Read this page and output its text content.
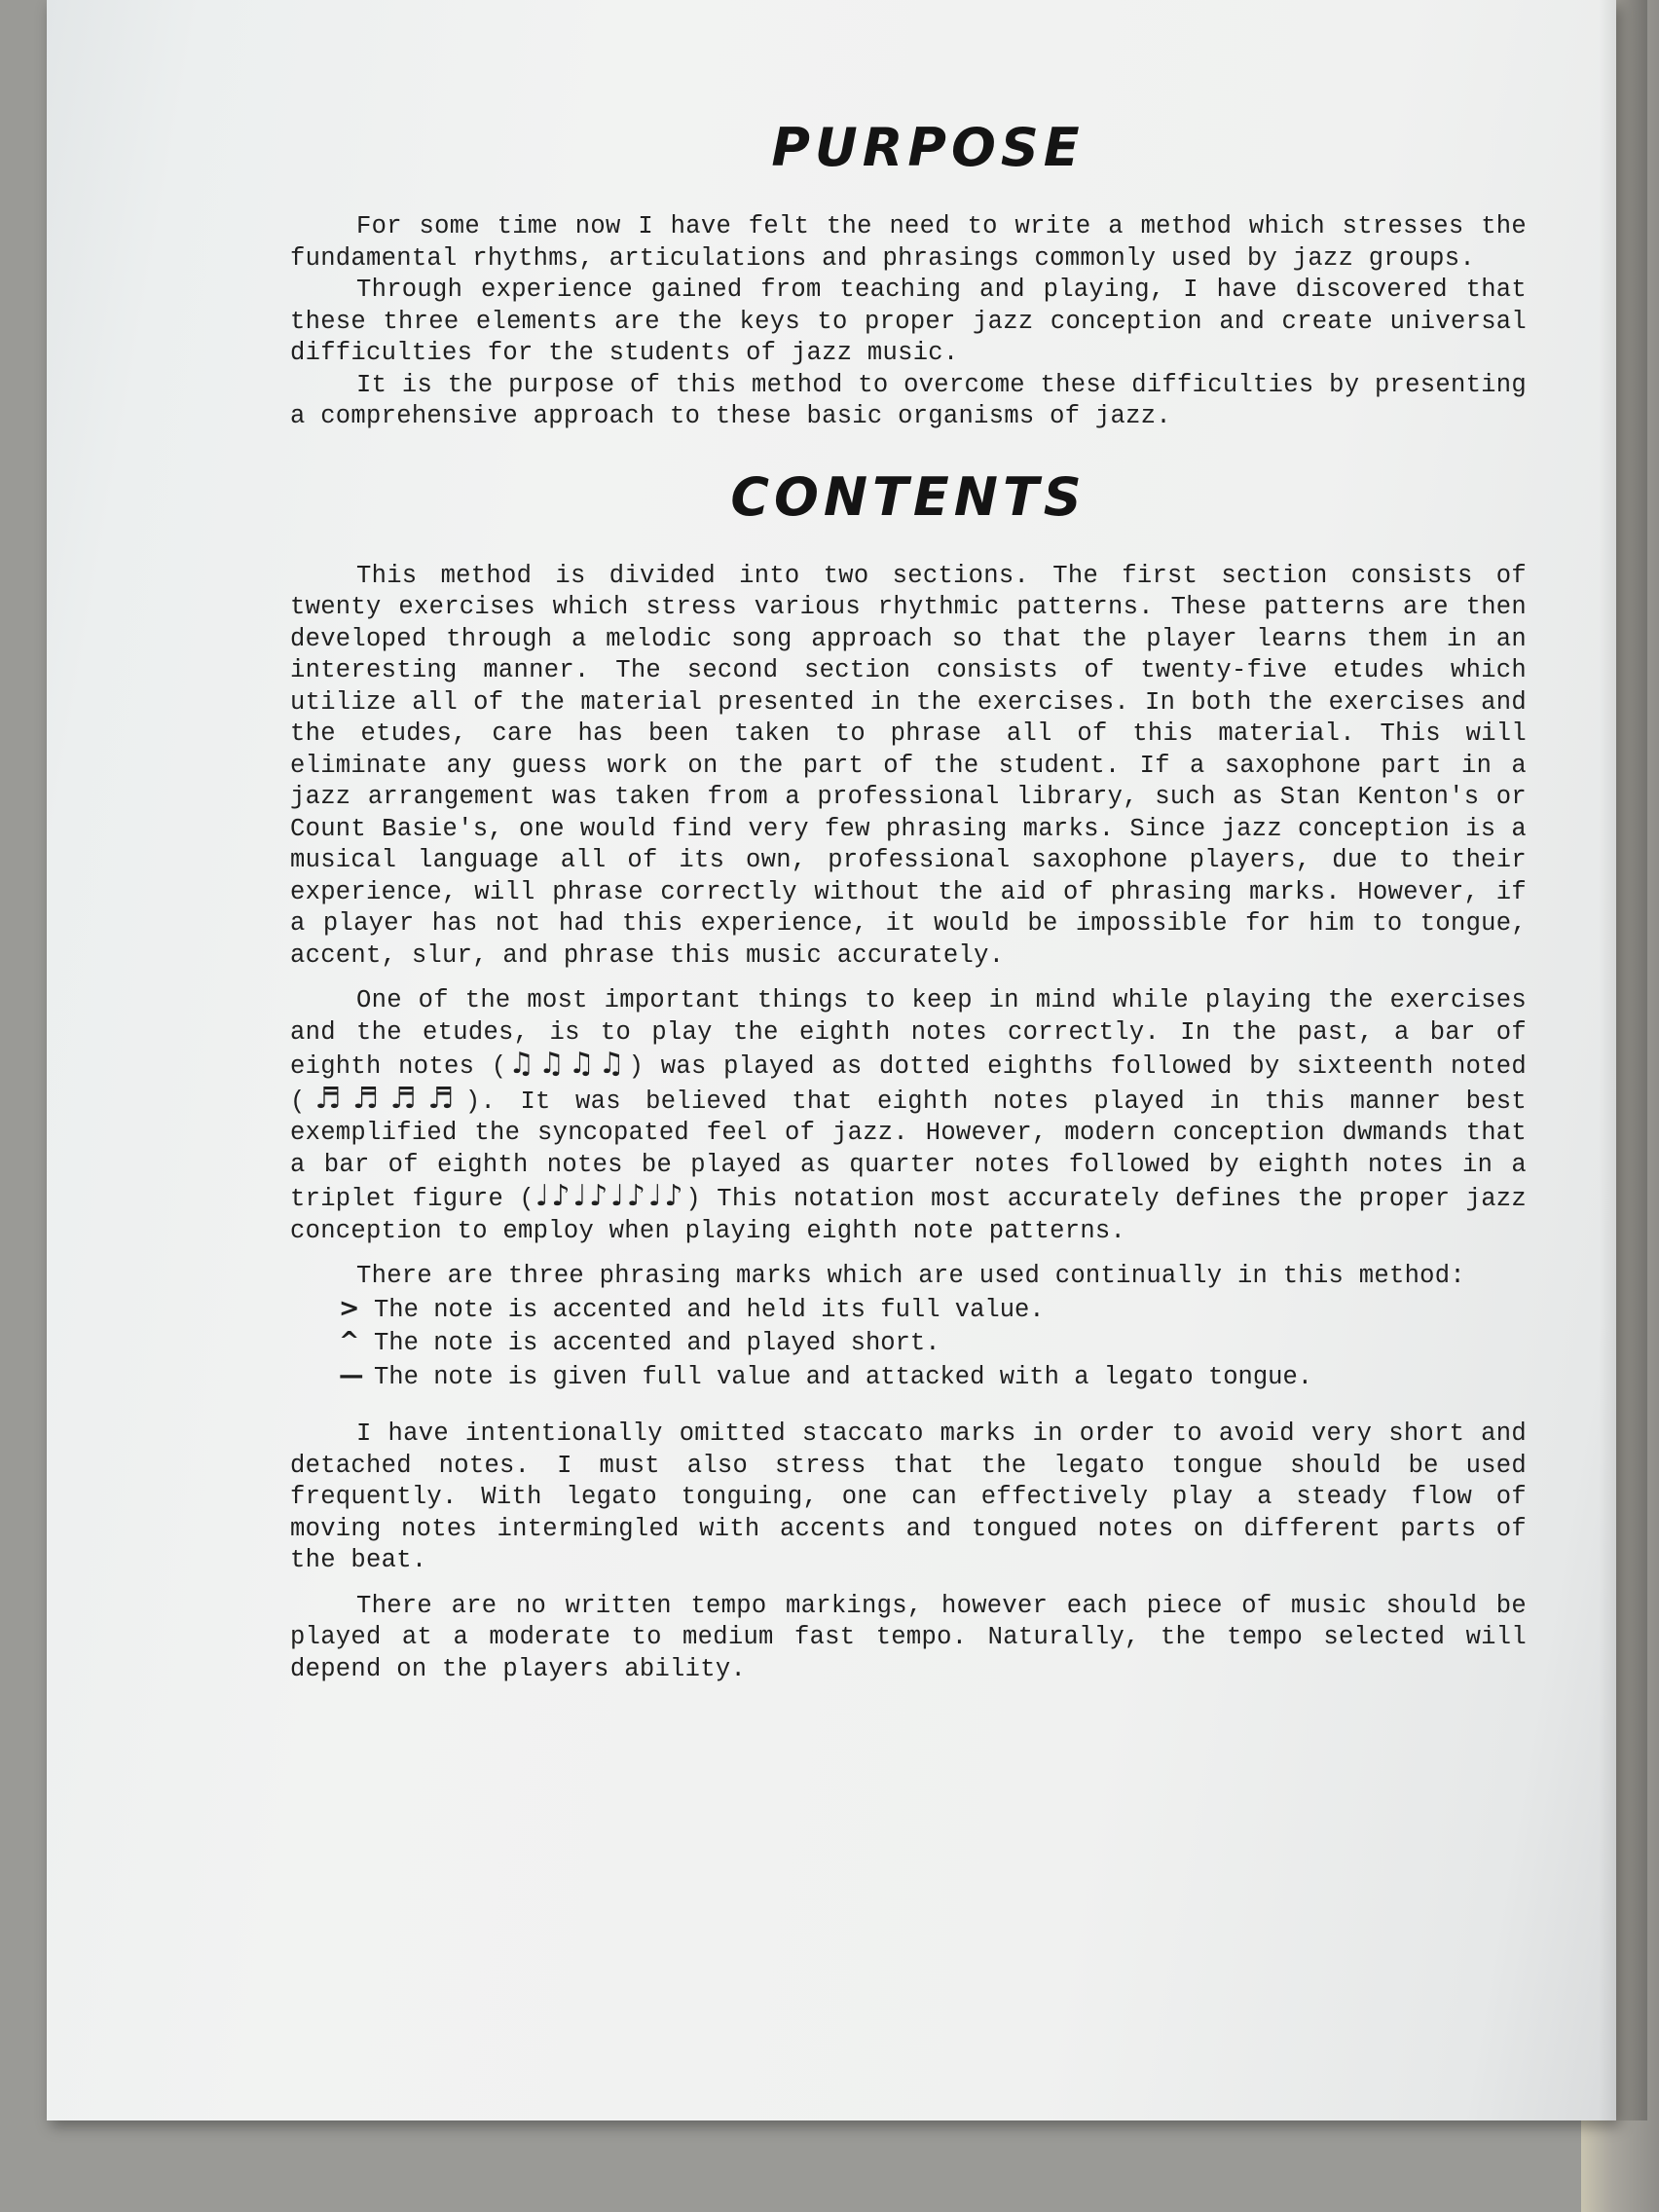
PURPOSE

For some time now I have felt the need to write a method which stresses the fundamental rhythms, articulations and phrasings commonly used by jazz groups.

Through experience gained from teaching and playing, I have discovered that these three elements are the keys to proper jazz conception and create universal difficulties for the students of jazz music.

It is the purpose of this method to overcome these difficulties by presenting a comprehensive approach to these basic organisms of jazz.

CONTENTS

This method is divided into two sections. The first section consists of twenty exercises which stress various rhythmic patterns. These patterns are then developed through a melodic song approach so that the player learns them in an interesting manner. The second section consists of twenty-five etudes which utilize all of the material presented in the exercises. In both the exercises and the etudes, care has been taken to phrase all of this material. This will eliminate any guess work on the part of the student. If a saxophone part in a jazz arrangement was taken from a professional library, such as Stan Kenton's or Count Basie's, one would find very few phrasing marks. Since jazz conception is a musical language all of its own, professional saxophone players, due to their experience, will phrase correctly without the aid of phrasing marks. However, if a player has not had this experience, it would be impossible for him to tongue, accent, slur, and phrase this music accurately.

One of the most important things to keep in mind while playing the exercises and the etudes, is to play the eighth notes correctly. In the past, a bar of eighth notes (♫♫♫♫) was played as dotted eighths followed by sixteenth noted (♬♬♬♬). It was believed that eighth notes played in this manner best exemplified the syncopated feel of jazz. However, modern conception dwmands that a bar of eighth notes be played as quarter notes followed by eighth notes in a triplet figure (♩♪♩♪♩♪♩♪) This notation most accurately defines the proper jazz conception to employ when playing eighth note patterns.

There are three phrasing marks which are used continually in this method:

> The note is accented and held its full value.
^ The note is accented and played short.
— The note is given full value and attacked with a legato tongue.

I have intentionally omitted staccato marks in order to avoid very short and detached notes. I must also stress that the legato tongue should be used frequently. With legato tonguing, one can effectively play a steady flow of moving notes intermingled with accents and tongued notes on different parts of the beat.

There are no written tempo markings, however each piece of music should be played at a moderate to medium fast tempo. Naturally, the tempo selected will depend on the players ability.
